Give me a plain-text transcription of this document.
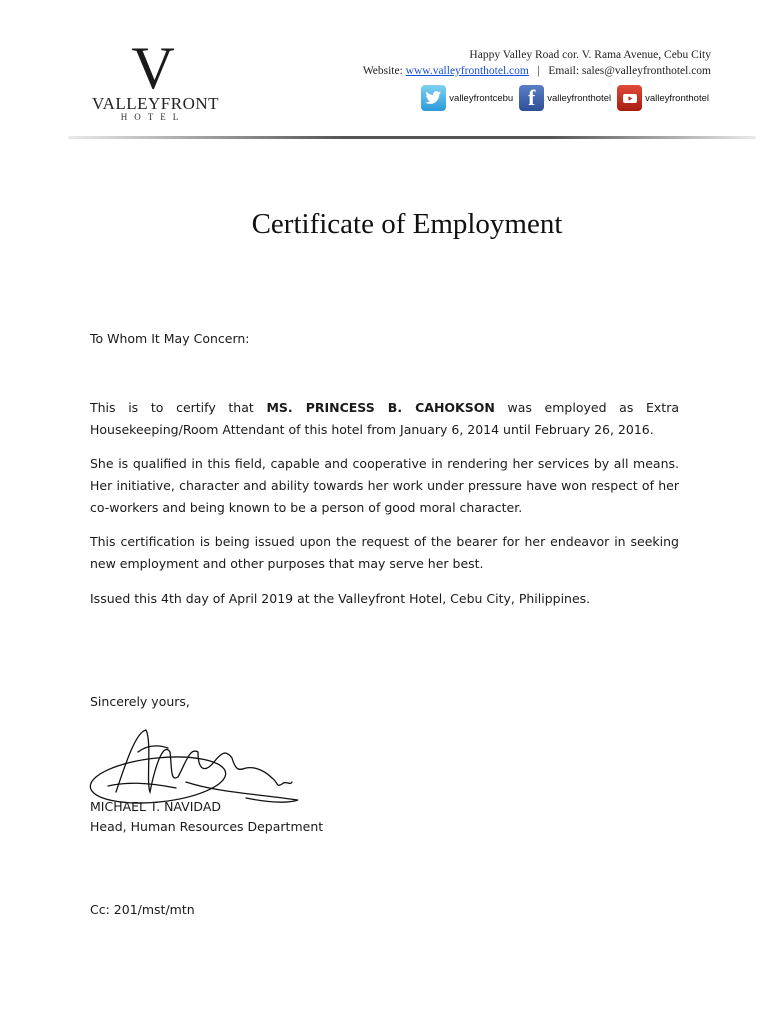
V
VALLEYFRONT
HOTEL
Happy Valley Road cor. V. Rama Avenue, Cebu City
Website: www.valleyfronthotel.com | Email: sales@valleyfronthotel.com
valleyfrontcebu f	valleyfronthotel	valleyfronthotel
Certificate of Employment
To Whom It May Concern:
This is to certify that MS. PRINCESS B. CAHOKSON was employed as Extra Housekeeping/Room Attendant of this hotel from January 6, 2014 until February 26, 2016.
She is qualified in this field, capable and cooperative in rendering her services by all means. Her initiative, character and ability towards her work under pressure have won respect of her co-workers and being known to be a person of good moral character.
This certification is being issued upon the request of the bearer for her endeavor in seeking new employment and other purposes that may serve her best.
Issued this 4th day of April 2019 at the Valleyfront Hotel, Cebu City, Philippines.
Sincerely yours,
MICHAEL T. NAVIDAD
Head, Human Resources Department
Cc: 201/mst/mtn
